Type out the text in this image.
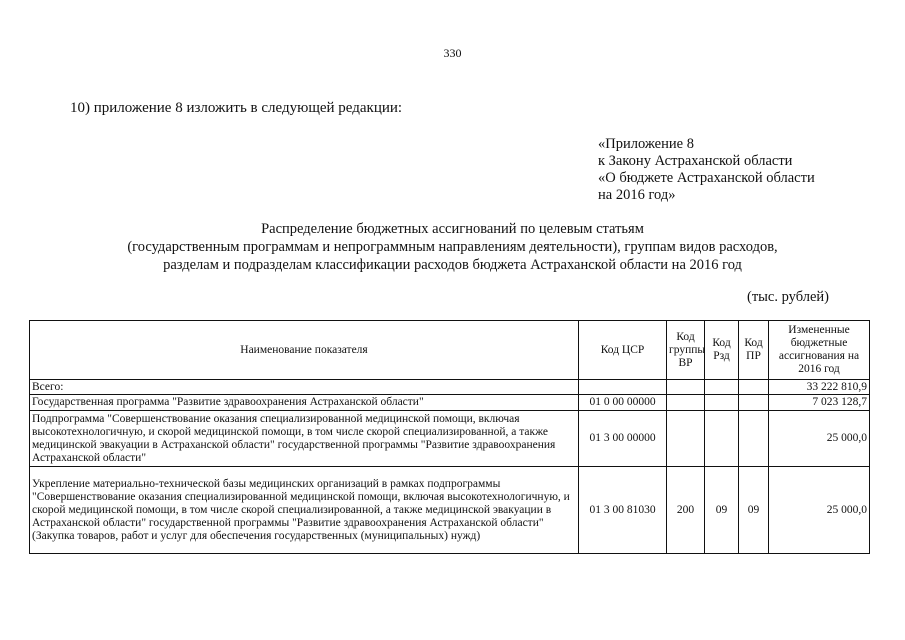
330
10) приложение 8 изложить в следующей редакции:
«Приложение 8
к Закону Астраханской области
«О бюджете Астраханской области
на 2016 год»
Распределение бюджетных ассигнований по целевым статьям
(государственным программам и непрограммным направлениям деятельности), группам видов расходов,
разделам и подразделам классификации расходов бюджета Астраханской области на 2016 год
(тыс. рублей)
Наименование показателя	Код ЦСР	Код группы ВР	Код Рзд	Код ПР	Измененные бюджетные ассигнования на 2016 год
Всего:					33 222 810,9
Государственная программа "Развитие здравоохранения Астраханской области"	01 0 00 00000				7 023 128,7
Подпрограмма "Совершенствование оказания специализированной медицинской помощи, включая высокотехнологичную, и скорой медицинской помощи, в том числе скорой специализированной, а также медицинской эвакуации в Астраханской области" государственной программы "Развитие здравоохранения Астраханской области"	01 3 00 00000				25 000,0
Укрепление материально-технической базы медицинских организаций в рамках подпрограммы "Совершенствование оказания специализированной медицинской помощи, включая высокотехнологичную, и скорой медицинской помощи, в том числе скорой специализированной, а также медицинской эвакуации в Астраханской области" государственной программы "Развитие здравоохранения Астраханской области" (Закупка товаров, работ и услуг для обеспечения государственных (муниципальных) нужд)	01 3 00 81030	200	09	09	25 000,0
